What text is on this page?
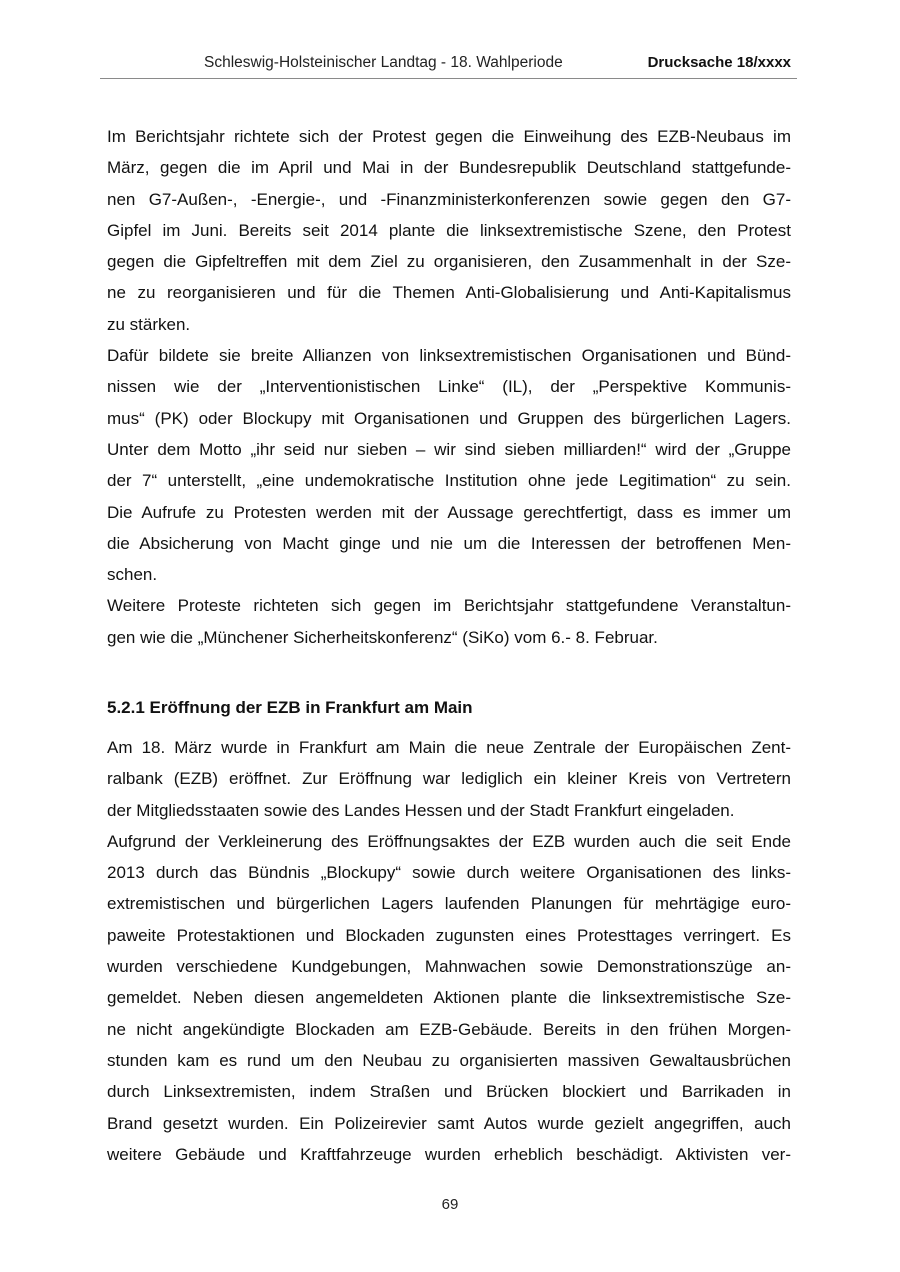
Schleswig-Holsteinischer Landtag - 18. Wahlperiode	Drucksache 18/xxxx
Im Berichtsjahr richtete sich der Protest gegen die Einweihung des EZB-Neubaus im
März, gegen die im April und Mai in der Bundesrepublik Deutschland stattgefunde-
nen G7-Außen-, -Energie-, und -Finanzministerkonferenzen sowie gegen den G7-
Gipfel im Juni. Bereits seit 2014 plante die linksextremistische Szene, den Protest
gegen die Gipfeltreffen mit dem Ziel zu organisieren, den Zusammenhalt in der Sze-
ne zu reorganisieren und für die Themen Anti-Globalisierung und Anti-Kapitalismus
zu stärken.
Dafür bildete sie breite Allianzen von linksextremistischen Organisationen und Bünd-
nissen wie der „Interventionistischen Linke“ (IL), der „Perspektive Kommunis-
mus“ (PK) oder Blockupy mit Organisationen und Gruppen des bürgerlichen Lagers.
Unter dem Motto „ihr seid nur sieben – wir sind sieben milliarden!“ wird der „Gruppe
der 7“ unterstellt, „eine undemokratische Institution ohne jede Legitimation“ zu sein.
Die Aufrufe zu Protesten werden mit der Aussage gerechtfertigt, dass es immer um
die Absicherung von Macht ginge und nie um die Interessen der betroffenen Men-
schen.
Weitere Proteste richteten sich gegen im Berichtsjahr stattgefundene Veranstaltun-
gen wie die „Münchener Sicherheitskonferenz“ (SiKo) vom 6.- 8. Februar.
5.2.1 Eröffnung der EZB in Frankfurt am Main
Am 18. März wurde in Frankfurt am Main die neue Zentrale der Europäischen Zent-
ralbank (EZB) eröffnet. Zur Eröffnung war lediglich ein kleiner Kreis von Vertretern
der Mitgliedsstaaten sowie des Landes Hessen und der Stadt Frankfurt eingeladen.
Aufgrund der Verkleinerung des Eröffnungsaktes der EZB wurden auch die seit Ende
2013 durch das Bündnis „Blockupy“ sowie durch weitere Organisationen des links-
extremistischen und bürgerlichen Lagers laufenden Planungen für mehrtägige euro-
paweite Protestaktionen und Blockaden zugunsten eines Protesttages verringert. Es
wurden verschiedene Kundgebungen, Mahnwachen sowie Demonstrationszüge an-
gemeldet. Neben diesen angemeldeten Aktionen plante die linksextremistische Sze-
ne nicht angekündigte Blockaden am EZB-Gebäude. Bereits in den frühen Morgen-
stunden kam es rund um den Neubau zu organisierten massiven Gewaltausbrüchen
durch Linksextremisten, indem Straßen und Brücken blockiert und Barrikaden in
Brand gesetzt wurden. Ein Polizeirevier samt Autos wurde gezielt angegriffen, auch
weitere Gebäude und Kraftfahrzeuge wurden erheblich beschädigt. Aktivisten ver-
69
